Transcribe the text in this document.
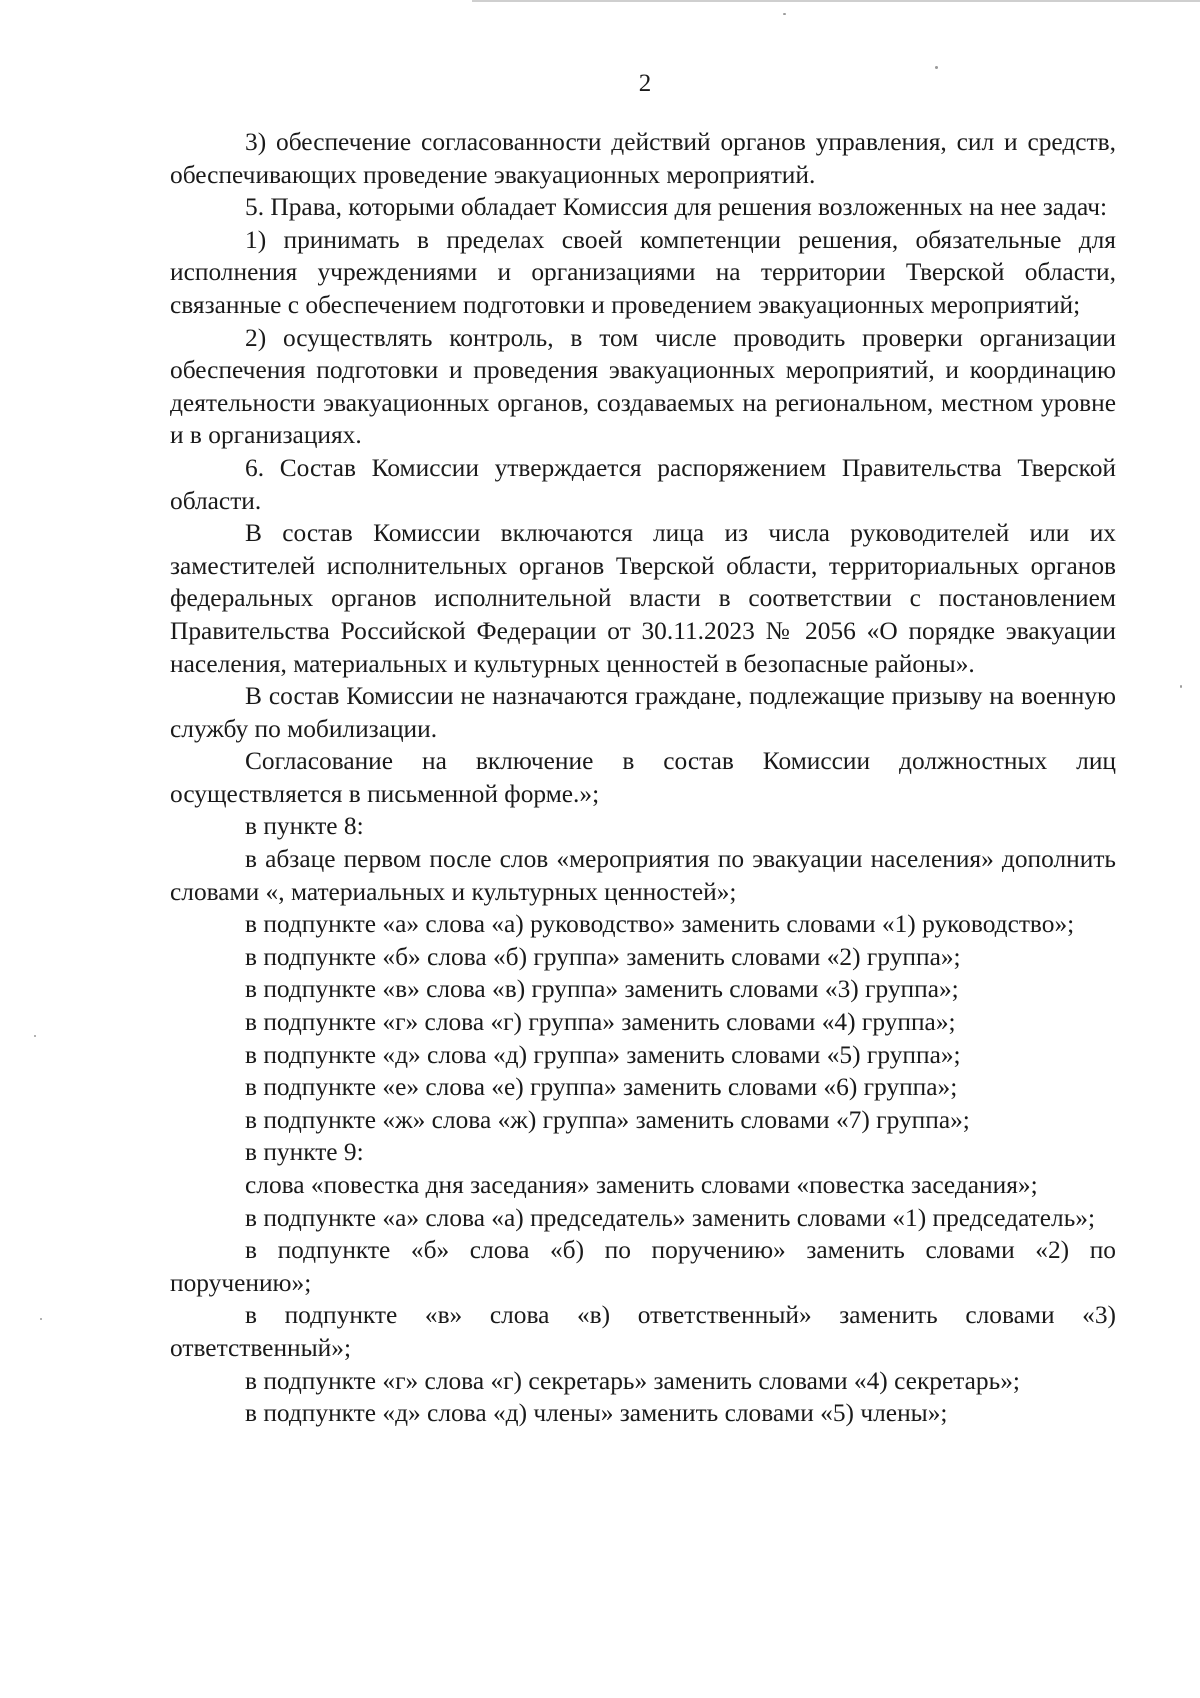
2

3) обеспечение согласованности действий органов управления, сил и средств, обеспечивающих проведение эвакуационных мероприятий.

5. Права, которыми обладает Комиссия для решения возложенных на нее задач:

1) принимать в пределах своей компетенции решения, обязательные для исполнения учреждениями и организациями на территории Тверской области, связанные с обеспечением подготовки и проведением эвакуационных мероприятий;

2) осуществлять контроль, в том числе проводить проверки организации обеспечения подготовки и проведения эвакуационных мероприятий, и координацию деятельности эвакуационных органов, создаваемых на региональном, местном уровне и в организациях.

6. Состав Комиссии утверждается распоряжением Правительства Тверской области.

В состав Комиссии включаются лица из числа руководителей или их заместителей исполнительных органов Тверской области, территориальных органов федеральных органов исполнительной власти в соответствии с постановлением Правительства Российской Федерации от 30.11.2023 № 2056 «О порядке эвакуации населения, материальных и культурных ценностей в безопасные районы».

В состав Комиссии не назначаются граждане, подлежащие призыву на военную службу по мобилизации.

Согласование на включение в состав Комиссии должностных лиц осуществляется в письменной форме.»;

в пункте 8:

в абзаце первом после слов «мероприятия по эвакуации населения» дополнить словами «, материальных и культурных ценностей»;

в подпункте «а» слова «а) руководство» заменить словами «1) руководство»;

в подпункте «б» слова «б) группа» заменить словами «2) группа»;

в подпункте «в» слова «в) группа» заменить словами «3) группа»;

в подпункте «г» слова «г) группа» заменить словами «4) группа»;

в подпункте «д» слова «д) группа» заменить словами «5) группа»;

в подпункте «е» слова «е) группа» заменить словами «6) группа»;

в подпункте «ж» слова «ж) группа» заменить словами «7) группа»;

в пункте 9:

слова «повестка дня заседания» заменить словами «повестка заседания»;

в подпункте «а» слова «а) председатель» заменить словами «1) председатель»;

в подпункте «б» слова «б) по поручению» заменить словами «2) по поручению»;

в подпункте «в» слова «в) ответственный» заменить словами «3) ответственный»;

в подпункте «г» слова «г) секретарь» заменить словами «4) секретарь»;

в подпункте «д» слова «д) члены» заменить словами «5) члены»;
